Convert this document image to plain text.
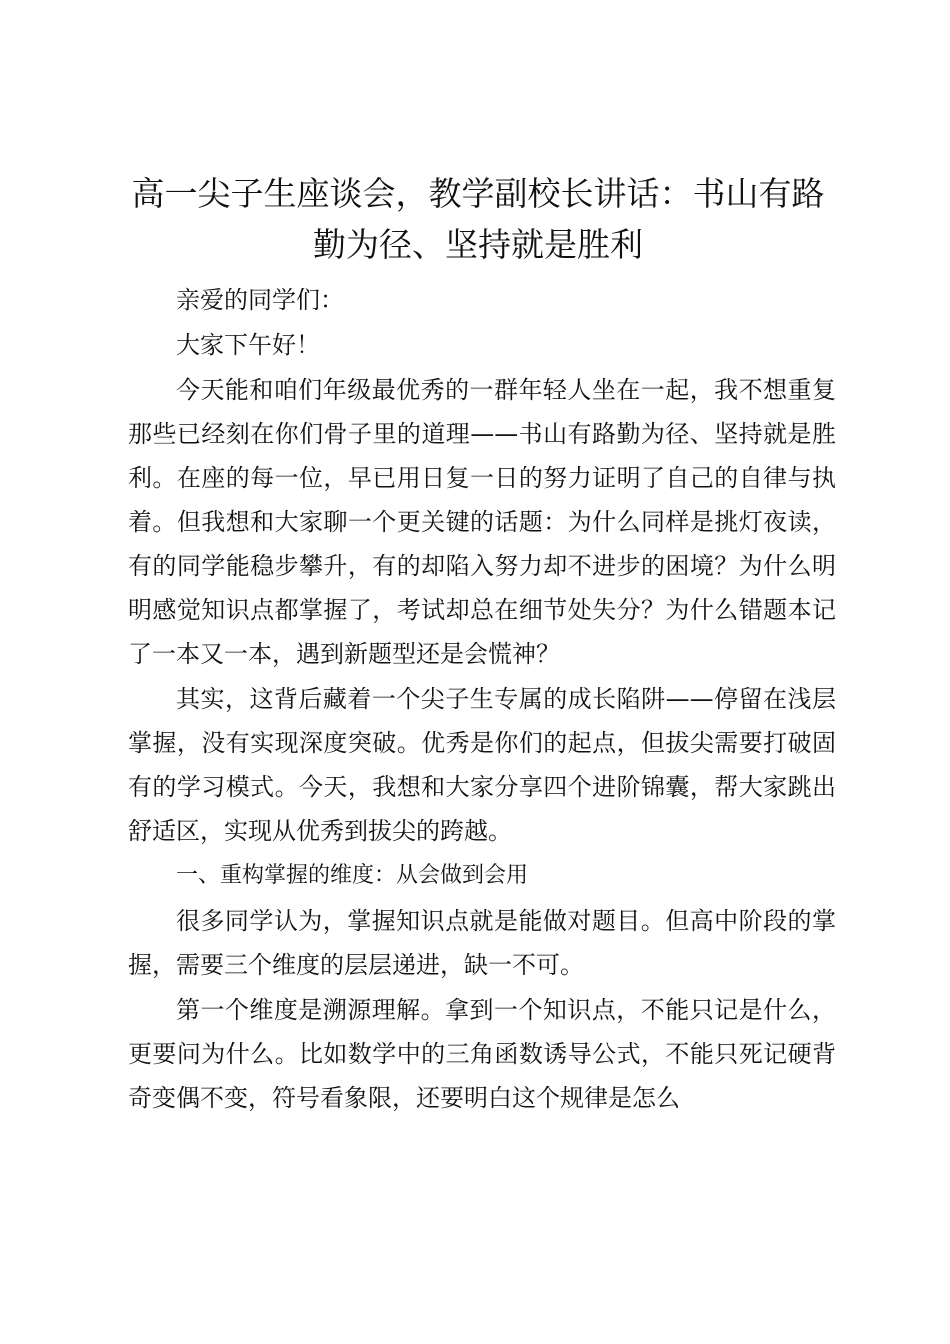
高一尖子生座谈会，教学副校长讲话：书山有路勤为径、坚持就是胜利

亲爱的同学们：

大家下午好！

今天能和咱们年级最优秀的一群年轻人坐在一起，我不想重复那些已经刻在你们骨子里的道理——书山有路勤为径、坚持就是胜利。在座的每一位，早已用日复一日的努力证明了自己的自律与执着。但我想和大家聊一个更关键的话题：为什么同样是挑灯夜读，有的同学能稳步攀升，有的却陷入努力却不进步的困境？为什么明明感觉知识点都掌握了，考试却总在细节处失分？为什么错题本记了一本又一本，遇到新题型还是会慌神？

其实，这背后藏着一个尖子生专属的成长陷阱——停留在浅层掌握，没有实现深度突破。优秀是你们的起点，但拔尖需要打破固有的学习模式。今天，我想和大家分享四个进阶锦囊，帮大家跳出舒适区，实现从优秀到拔尖的跨越。

一、重构掌握的维度：从会做到会用

很多同学认为，掌握知识点就是能做对题目。但高中阶段的掌握，需要三个维度的层层递进，缺一不可。

第一个维度是溯源理解。拿到一个知识点，不能只记是什么，更要问为什么。比如数学中的三角函数诱导公式，不能只死记硬背奇变偶不变，符号看象限，还要明白这个规律是怎么
